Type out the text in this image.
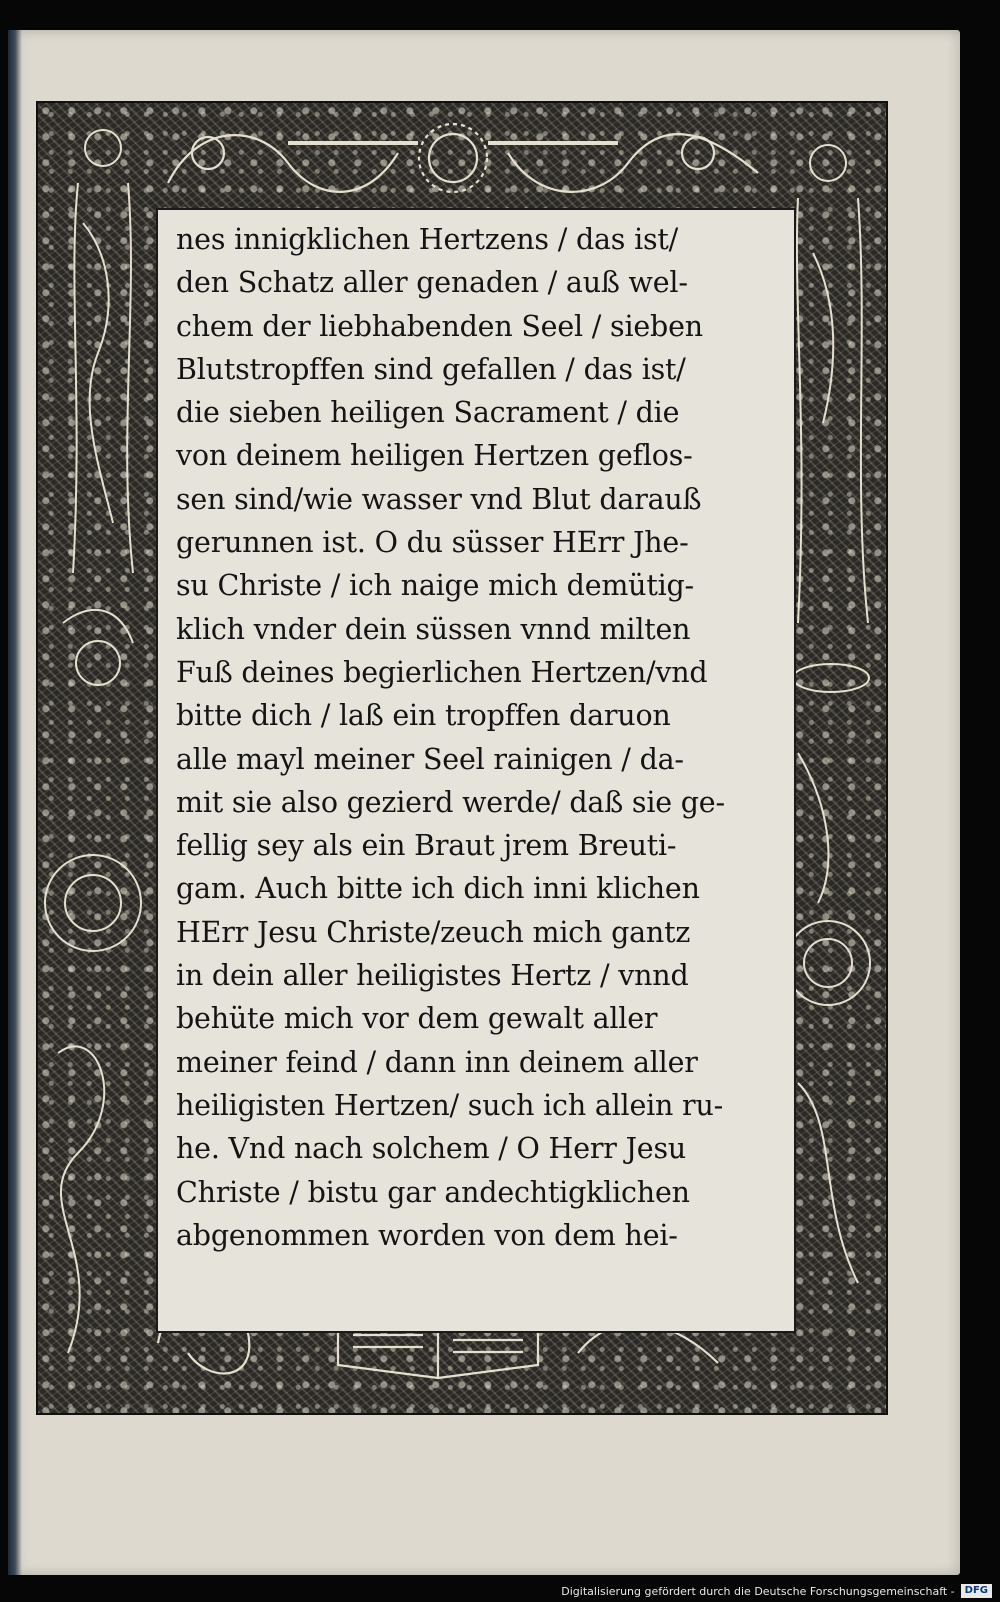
nes innigklichen Hertzens / das ist/

den Schatz aller genaden / auß wel-

chem der liebhabenden Seel / sieben

Blutstropffen sind gefallen / das ist/

die sieben heiligen Sacrament / die

von deinem heiligen Hertzen geflos-

sen sind/wie wasser vnd Blut darauß

gerunnen ist. O du süsser HErr Jhe-

su Christe / ich naige mich demütig-

klich vnder dein süssen vnnd milten

Fuß deines begierlichen Hertzen/vnd

bitte dich / laß ein tropffen daruon

alle mayl meiner Seel rainigen / da-

mit sie also gezierd werde/ daß sie ge-

fellig sey als ein Braut jrem Breuti-

gam. Auch bitte ich dich inni klichen

HErr Jesu Christe/zeuch mich gantz

in dein aller heiligistes Hertz / vnnd

behüte mich vor dem gewalt aller

meiner feind / dann inn deinem aller

heiligisten Hertzen/ such ich allein ru-

he. Vnd nach solchem / O Herr Jesu

Christe / bistu gar andechtigklichen

abgenommen worden von dem hei-

Digitalisierung gefördert durch die Deutsche Forschungsgemeinschaft -	DFG
